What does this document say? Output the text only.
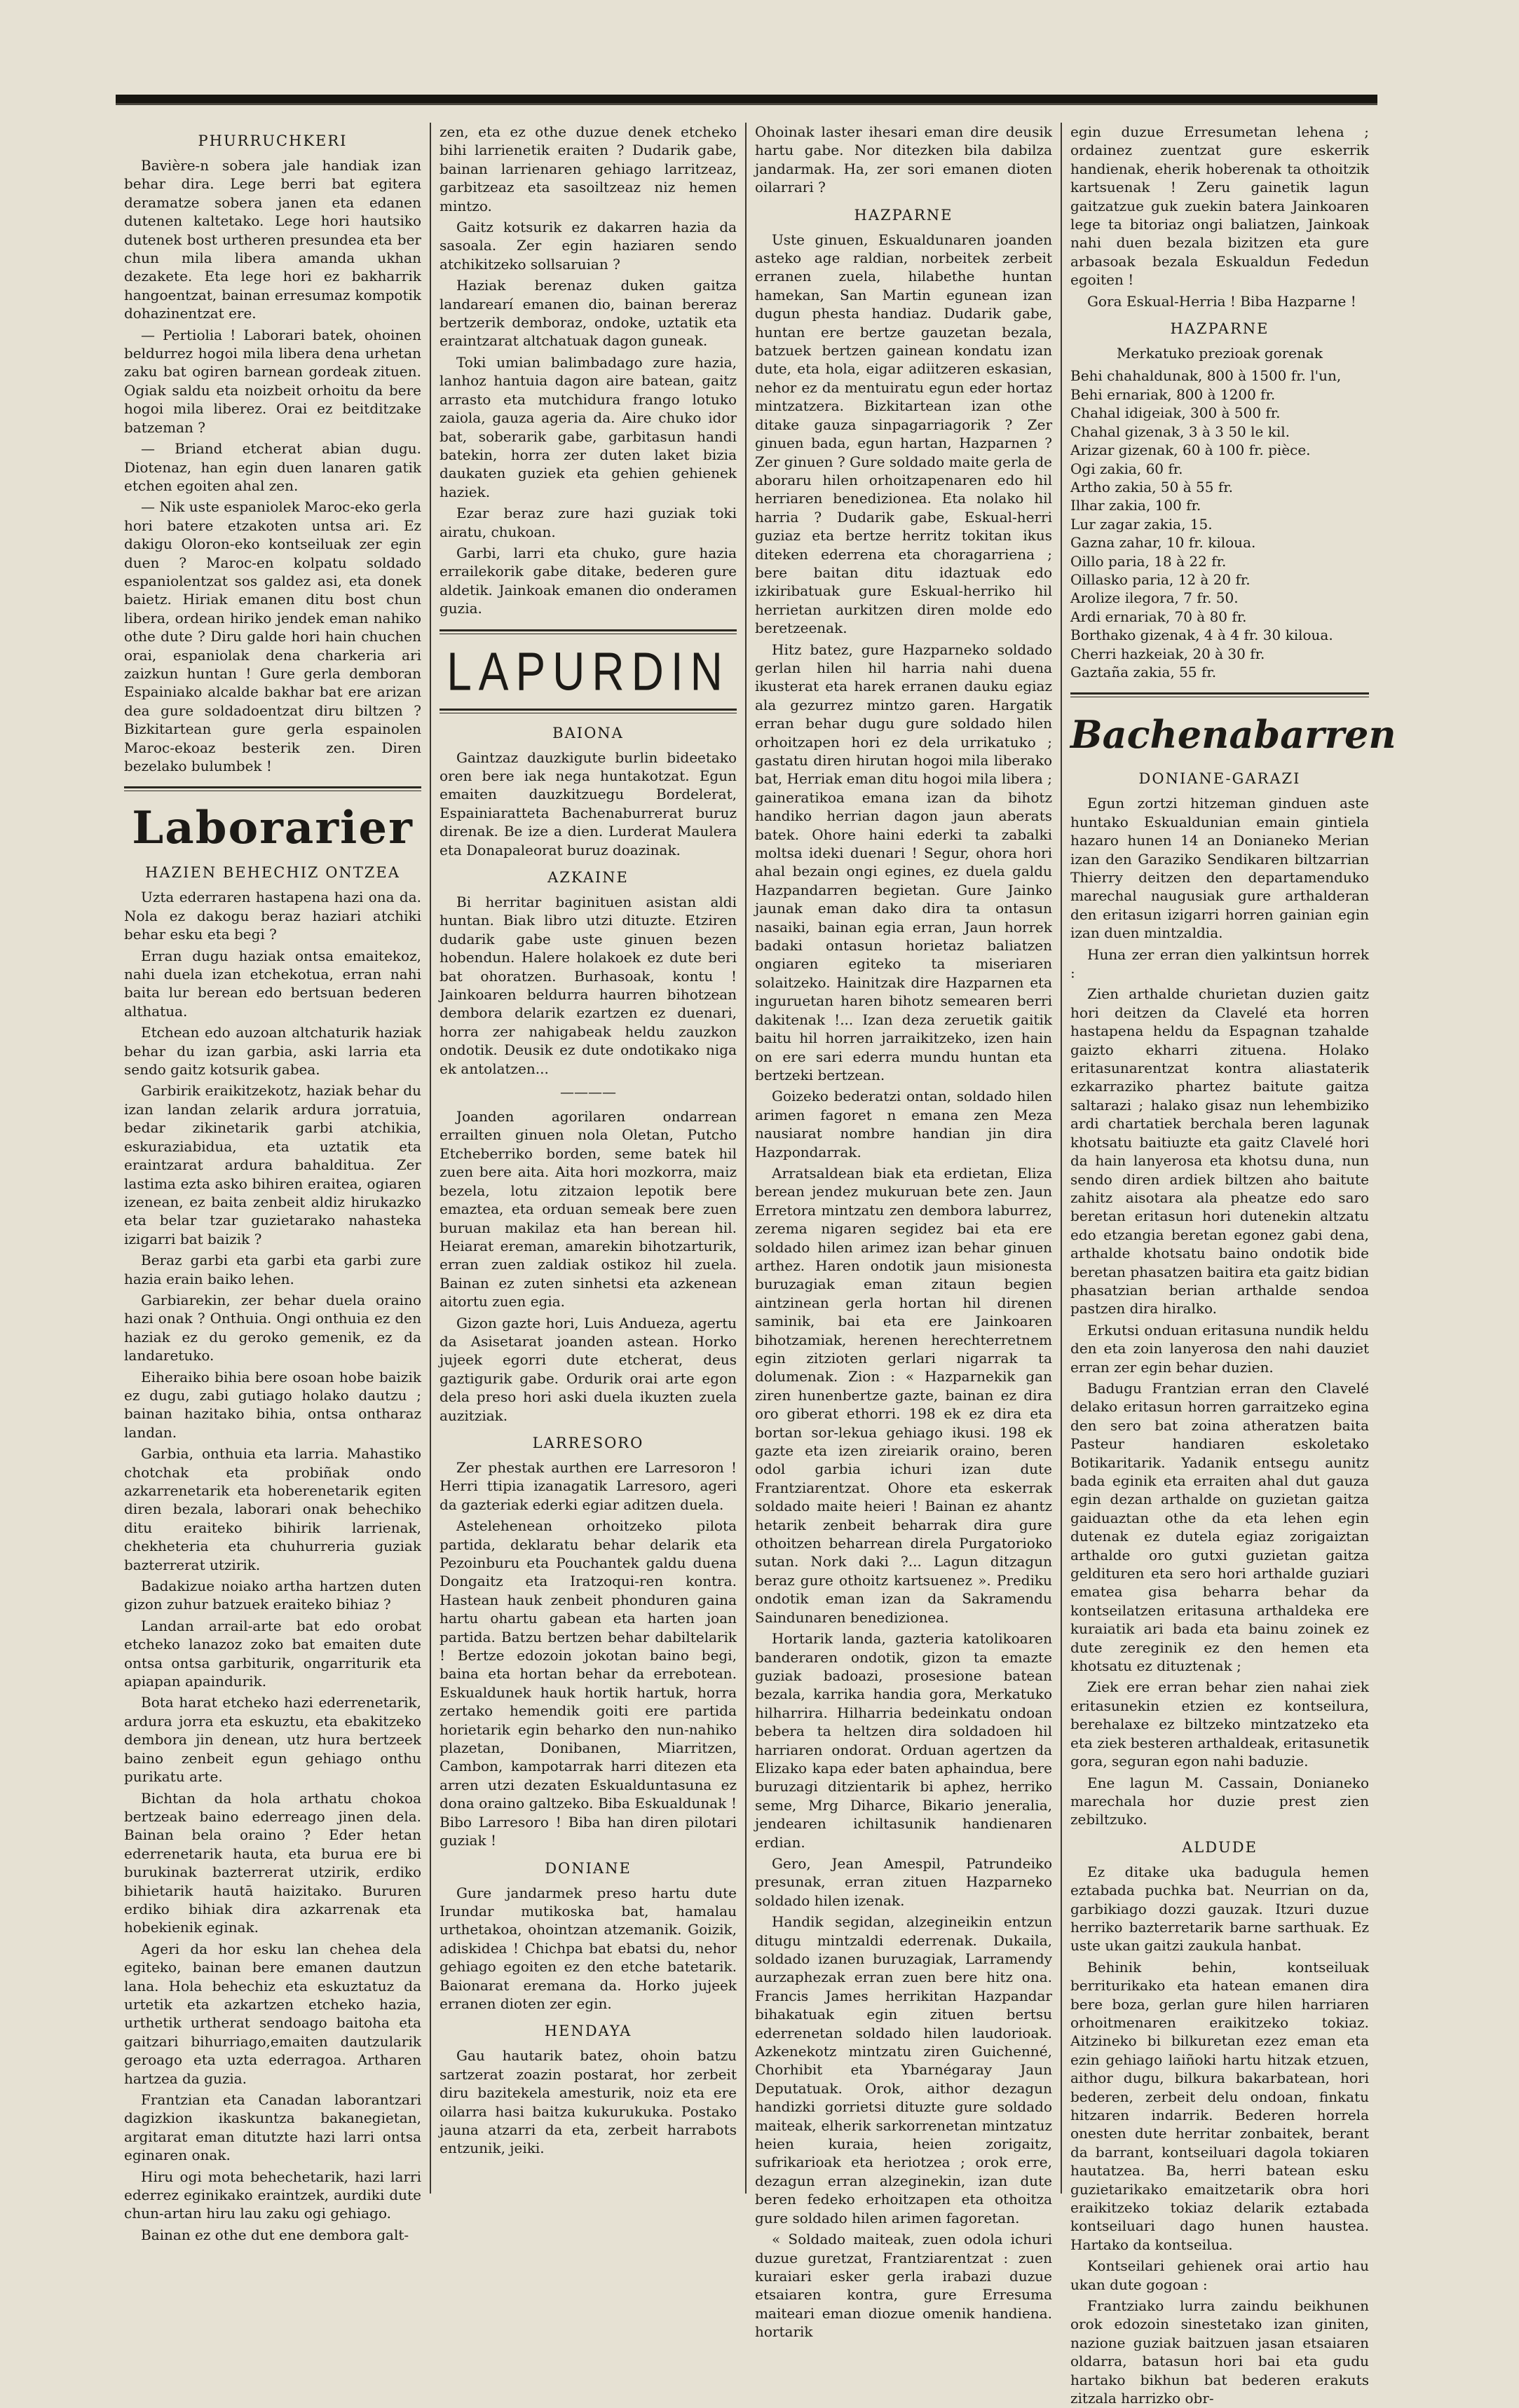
PHURRUCHKERI

Bavière-n sobera jale handiak izan behar dira. Lege berri bat egitera deramatze sobera janen eta edanen dutenen kaltetako. Lege hori hautsiko dutenek bost urtheren presundea eta ber chun mila libera amanda ukhan dezakete. Eta lege hori ez bakharrik hangoentzat, bainan erresumaz kompotik dohazinentzat ere.

— Pertiolia ! Laborari batek, ohoinen beldurrez hogoi mila libera dena urhetan zaku bat ogiren barnean gordeak zituen. Ogiak saldu eta noizbeit orhoitu da bere hogoi mila liberez. Orai ez beitditzake batzeman ?

— Briand etcherat abian dugu. Diotenaz, han egin duen lanaren gatik etchen egoiten ahal zen.

— Nik uste espaniolek Maroc-eko gerla hori batere etzakoten untsa ari. Ez dakigu Oloron-eko kontseiluak zer egin duen ? Maroc-en kolpatu soldado espaniolentzat sos galdez asi, eta donek baietz. Hiriak emanen ditu bost chun libera, ordean hiriko jendek eman nahiko othe dute ? Diru galde hori hain chuchen orai, espaniolak dena charkeria ari zaizkun huntan ! Gure gerla demboran Espainiako alcalde bakhar bat ere arizan dea gure soldadoentzat diru biltzen ? Bizkitartean gure gerla espainolen Maroc-ekoaz besterik zen. Diren bezelako bulumbek !

Laborarier
HAZIEN BEHECHIZ ONTZEA

Uzta ederraren hastapena hazi ona da. Nola ez dakogu beraz haziari atchiki behar esku eta begi ?

Erran dugu haziak ontsa emaitekoz, nahi duela izan etchekotua, erran nahi baita lur berean edo bertsuan bederen althatua.

Etchean edo auzoan altchaturik haziak behar du izan garbia, aski larria eta sendo gaitz kotsurik gabea.

Garbirik eraikitzekotz, haziak behar du izan landan zelarik ardura jorratuia, bedar zikinetarik garbi atchikia, eskuraziabidua, eta uztatik eta eraintzarat ardura bahalditua. Zer lastima ezta asko bihiren eraitea, ogiaren izenean, ez baita zenbeit aldiz hirukazko eta belar tzar guzietarako nahasteka izigarri bat baizik ?

Beraz garbi eta garbi eta garbi zure hazia erain baiko lehen.

Garbiarekin, zer behar duela oraino hazi onak ? Onthuia. Ongi onthuia ez den haziak ez du geroko gemenik, ez da landaretuko.

Eiheraiko bihia bere osoan hobe baizik ez dugu, zabi gutiago holako dautzu ; bainan hazitako bihia, ontsa ontharaz landan.

Garbia, onthuia eta larria. Mahastiko chotchak eta probiñak ondo azkarrenetarik eta hoberenetarik egiten diren bezala, laborari onak behechiko ditu eraiteko bihirik larrienak, chekheteria eta chuhurreria guziak bazterrerat utzirik.

Badakizue noiako artha hartzen duten gizon zuhur batzuek eraiteko bihiaz ?

Landan arrail-arte bat edo orobat etcheko lanazoz zoko bat emaiten dute ontsa ontsa garbiturik, ongarriturik eta apiapan apaindurik.

Bota harat etcheko hazi ederrenetarik, ardura jorra eta eskuztu, eta ebakitzeko dembora jin denean, utz hura bertzeek baino zenbeit egun gehiago onthu purikatu arte.

Bichtan da hola arthatu chokoa bertzeak baino ederreago jinen dela. Bainan bela oraino ? Eder hetan ederrenetarik hauta, eta burua ere bi burukinak bazterrerat utzirik, erdiko bihietarik hautā haizitako. Bururen erdiko bihiak dira azkarrenak eta hobekienik eginak.

Ageri da hor esku lan chehea dela egiteko, bainan bere emanen dautzun lana. Hola behechiz eta eskuztatuz da urtetik eta azkartzen etcheko hazia, urthetik urtherat sendoago baitoha eta gaitzari bihurriago,emaiten dautzularik geroago eta uzta ederragoa. Artharen hartzea da guzia.

Frantzian eta Canadan laborantzari dagizkion ikaskuntza bakanegietan, argitarat eman ditutzte hazi larri ontsa eginaren onak.

Hiru ogi mota behechetarik, hazi larri ederrez eginikako eraintzek, aurdiki dute chun-artan hiru lau zaku ogi gehiago.

Bainan ez othe dut ene dembora galt-

zen, eta ez othe duzue denek etcheko bihi larrienetik eraiten ? Dudarik gabe, bainan larrienaren gehiago larritzeaz, garbitzeaz eta sasoiltzeaz niz hemen mintzo.

Gaitz kotsurik ez dakarren hazia da sasoala. Zer egin haziaren sendo atchikitzeko sollsaruian ?

Haziak berenaz duken gaitza landarearí emanen dio, bainan bereraz bertzerik demboraz, ondoke, uztatik eta eraintzarat altchatuak dagon guneak.

Toki umian balimbadago zure hazia, lanhoz hantuia dagon aire batean, gaitz arrasto eta mutchidura frango lotuko zaiola, gauza ageria da. Aire chuko idor bat, soberarik gabe, garbitasun handi batekin, horra zer duten laket bizia daukaten guziek eta gehien gehienek haziek.

Ezar beraz zure hazi guziak toki airatu, chukoan.

Garbi, larri eta chuko, gure hazia errailekorik gabe ditake, bederen gure aldetik. Jainkoak emanen dio onderamen guzia.

LAPURDIN
BAIONA

Gaintzaz dauzkigute burlin bideetako oren bere iak nega huntakotzat. Egun emaiten dauzkitzuegu Bordelerat, Espainiaratteta Bachenaburrerat buruz direnak. Be ize a dien. Lurderat Maulera eta Donapaleorat buruz doazinak.

AZKAINE

Bi herritar baginituen asistan aldi huntan. Biak libro utzi dituzte. Etziren dudarik gabe uste ginuen bezen hobendun. Halere holakoek ez dute beri bat ohoratzen. Burhasoak, kontu ! Jainkoaren beldurra haurren bihotzean dembora delarik ezartzen ez duenari, horra zer nahigabeak heldu zauzkon ondotik. Deusik ez dute ondotikako niga ek antolatzen...

————

Joanden agorilaren ondarrean errailten ginuen nola Oletan, Putcho Etcheberriko borden, seme batek hil zuen bere aita. Aita hori mozkorra, maiz bezela, lotu zitzaion lepotik bere emaztea, eta orduan semeak bere zuen buruan makilaz eta han berean hil. Heiarat ereman, amarekin bihotzarturik, erran zuen zaldiak ostikoz hil zuela. Bainan ez zuten sinhetsi eta azkenean aitortu zuen egia.

Gizon gazte hori, Luis Andueza, agertu da Asisetarat joanden astean. Horko jujeek egorri dute etcherat, deus gaztigurik gabe. Ordurik orai arte egon dela preso hori aski duela ikuzten zuela auzitziak.

LARRESORO

Zer phestak aurthen ere Larresoron ! Herri ttipia izanagatik Larresoro, ageri da gazteriak ederki egiar aditzen duela.

Astelehenean orhoitzeko pilota partida, deklaratu behar delarik eta Pezoinburu eta Pouchantek galdu duena Dongaitz eta Iratzoqui-ren kontra. Hastean hauk zenbeit phonduren gaina hartu ohartu gabean eta harten joan partida. Batzu bertzen behar dabiltelarik ! Bertze edozoin jokotan baino begi, baina eta hortan behar da errebotean. Eskualdunek hauk hortik hartuk, horra zertako hemendik goiti ere partida horietarik egin beharko den nun-nahiko plazetan, Donibanen, Miarritzen, Cambon, kampotarrak harri ditezen eta arren utzi dezaten Eskualduntasuna ez dona oraino galtzeko. Biba Eskualdunak ! Bibo Larresoro ! Biba han diren pilotari guziak !

DONIANE

Gure jandarmek preso hartu dute Irundar mutikoska bat, hamalau urthetakoa, ohointzan atzemanik. Goizik, adiskidea ! Chichpa bat ebatsi du, nehor gehiago egoiten ez den etche batetarik. Baionarat eremana da. Horko jujeek erranen dioten zer egin.

HENDAYA

Gau hautarik batez, ohoin batzu sartzerat zoazin postarat, hor zerbeit diru bazitekela amesturik, noiz eta ere oilarra hasi baitza kukurukuka. Postako jauna atzarri da eta, zerbeit harrabots entzunik, jeiki.

Ohoinak laster ihesari eman dire deusik hartu gabe. Nor ditezken bila dabilza jandarmak. Ha, zer sori emanen dioten oilarrari ?

HAZPARNE

Uste ginuen, Eskualdunaren joanden asteko age raldian, norbeitek zerbeit erranen zuela, hilabethe huntan hamekan, San Martin egunean izan dugun phesta handiaz. Dudarik gabe, huntan ere bertze gauzetan bezala, batzuek bertzen gainean kondatu izan dute, eta hola, eigar adiitzeren eskasian, nehor ez da mentuiratu egun eder hortaz mintzatzera. Bizkitartean izan othe ditake gauza sinpagarriagorik ? Zer ginuen bada, egun hartan, Hazparnen ? Zer ginuen ? Gure soldado maite gerla de aboraru hilen orhoitzapenaren edo hil herriaren benedizionea. Eta nolako hil harria ? Dudarik gabe, Eskual-herri guziaz eta bertze herritz tokitan ikus diteken ederrena eta choragarriena ; bere baitan ditu idaztuak edo izkiribatuak gure Eskual-herriko hil herrietan aurkitzen diren molde edo beretzeenak.

Hitz batez, gure Hazparneko soldado gerlan hilen hil harria nahi duena ikusterat eta harek erranen dauku egiaz ala gezurrez mintzo garen. Hargatik erran behar dugu gure soldado hilen orhoitzapen hori ez dela urrikatuko ; gastatu diren hirutan hogoi mila liberako bat, Herriak eman ditu hogoi mila libera ; gaineratikoa emana izan da bihotz handiko herrian dagon jaun aberats batek. Ohore haini ederki ta zabalki moltsa ideki duenari ! Segur, ohora hori ahal bezain ongi egines, ez duela galdu Hazpandarren begietan. Gure Jainko jaunak eman dako dira ta ontasun nasaiki, bainan egia erran, Jaun horrek badaki ontasun horietaz baliatzen ongiaren egiteko ta miseriaren solaitzeko. Hainitzak dire Hazparnen eta inguruetan haren bihotz semearen berri dakitenak !... Izan deza zeruetik gaitik baitu hil horren jarraikitzeko, izen hain on ere sari ederra mundu huntan eta bertzeki bertzean.

Goizeko bederatzi ontan, soldado hilen arimen fagoret n emana zen Meza nausiarat nombre handian jin dira Hazpondarrak.

Arratsaldean biak eta erdietan, Eliza berean jendez mukuruan bete zen. Jaun Erretora mintzatu zen dembora laburrez, zerema nigaren segidez bai eta ere soldado hilen arimez izan behar ginuen arthez. Haren ondotik jaun misionesta buruzagiak eman zitaun begien aintzinean gerla hortan hil direnen saminik, bai eta ere Jainkoaren bihotzamiak, herenen herechterretnem egin zitzioten gerlari nigarrak ta dolumenak. Zion : « Hazparnekik gan ziren hunenbertze gazte, bainan ez dira oro giberat ethorri. 198 ek ez dira eta bortan sor-lekua gehiago ikusi. 198 ek gazte eta izen zireiarik oraino, beren odol garbia ichuri izan dute Frantziarentzat. Ohore eta eskerrak soldado maite heieri ! Bainan ez ahantz hetarik zenbeit beharrak dira gure othoitzen beharrean direla Purgatorioko sutan. Nork daki ?... Lagun ditzagun beraz gure othoitz kartsuenez ». Prediku ondotik eman izan da Sakramendu Saindunaren benedizionea.

Hortarik landa, gazteria katolikoaren banderaren ondotik, gizon ta emazte guziak badoazi, prosesione batean bezala, karrika handia gora, Merkatuko hilharrira. Hilharria bedeinkatu ondoan bebera ta heltzen dira soldadoen hil harriaren ondorat. Orduan agertzen da Elizako kapa eder baten aphaindua, bere buruzagi ditzientarik bi aphez, herriko seme, Mrg Diharce, Bikario jeneralia, jendearen ichiltasunik handienaren erdian.

Gero, Jean Amespil, Patrundeiko presunak, erran zituen Hazparneko soldado hilen izenak.

Handik segidan, alzegineikin entzun ditugu mintzaldi ederrenak. Dukaila, soldado izanen buruzagiak, Larramendy aurzaphezak erran zuen bere hitz ona. Francis James herrikitan Hazpandar bihakatuak egin zituen bertsu ederrenetan soldado hilen laudorioak. Azkenekotz mintzatu ziren Guichenné, Chorhibit eta Ybarnégaray Jaun Deputatuak. Orok, aithor dezagun handizki gorrietsi dituzte gure soldado maiteak, elherik sarkorrenetan mintzatuz heien kuraia, heien zorigaitz, sufrikarioak eta heriotzea ; orok erre, dezagun erran alzeginekin, izan dute beren fedeko erhoitzapen eta othoitza gure soldado hilen arimen fagoretan.

« Soldado maiteak, zuen odola ichuri duzue guretzat, Frantziarentzat : zuen kuraiari esker gerla irabazi duzue etsaiaren kontra, gure Erresuma maiteari eman diozue omenik handiena. hortarik

egin duzue Erresumetan lehena ; ordainez zuentzat gure eskerrik handienak, eherik hoberenak ta othoitzik kartsuenak ! Zeru gainetik lagun gaitzatzue guk zuekin batera Jainkoaren lege ta bitoriaz ongi baliatzen, Jainkoak nahi duen bezala bizitzen eta gure arbasoak bezala Eskualdun Fededun egoiten !

Gora Eskual-Herria ! Biba Hazparne !

HAZPARNE

Merkatuko prezioak gorenak

Behi chahaldunak, 800 à 1500 fr. l'un,

Behi ernariak, 800 à 1200 fr.

Chahal idigeiak, 300 à 500 fr.

Chahal gizenak, 3 à 3 50 le kil.

Arizar gizenak, 60 à 100 fr. pièce.

Ogi zakia, 60 fr.

Artho zakia, 50 à 55 fr.

Ilhar zakia, 100 fr.

Lur zagar zakia, 15.

Gazna zahar, 10 fr. kiloua.

Oillo paria, 18 à 22 fr.

Oillasko paria, 12 à 20 fr.

Arolize ilegora, 7 fr. 50.

Ardi ernariak, 70 à 80 fr.

Borthako gizenak, 4 à 4 fr. 30 kiloua.

Cherri hazkeiak, 20 à 30 fr.

Gaztaña zakia, 55 fr.

Bachenabarren
DONIANE-GARAZI

Egun zortzi hitzeman ginduen aste huntako Eskualdunian emain gintiela hazaro hunen 14 an Donianeko Merian izan den Garaziko Sendikaren biltzarrian Thierry deitzen den departamenduko marechal naugusiak gure arthalderan den eritasun izigarri horren gainian egin izan duen mintzaldia.

Huna zer erran dien yalkintsun horrek :

Zien arthalde churietan duzien gaitz hori deitzen da Clavelé eta horren hastapena heldu da Espagnan tzahalde gaizto ekharri zituena. Holako eritasunarentzat kontra aliastaterik ezkarraziko phartez baitute gaitza saltarazi ; halako gisaz nun lehembiziko ardi chartatiek berchala beren lagunak khotsatu baitiuzte eta gaitz Clavelé hori da hain lanyerosa eta khotsu duna, nun sendo diren ardiek biltzen aho baitute zahitz aisotara ala pheatze edo saro beretan eritasun hori dutenekin altzatu edo etzangia beretan egonez gabi dena, arthalde khotsatu baino ondotik bide beretan phasatzen baitira eta gaitz bidian phasatzian berian arthalde sendoa pastzen dira hiralko.

Erkutsi onduan eritasuna nundik heldu den eta zoin lanyerosa den nahi dauziet erran zer egin behar duzien.

Badugu Frantzian erran den Clavelé delako eritasun horren garraitzeko egina den sero bat zoina atheratzen baita Pasteur handiaren eskoletako Botikaritarik. Yadanik entsegu aunitz bada eginik eta erraiten ahal dut gauza egin dezan arthalde on guzietan gaitza gaiduaztan othe da eta lehen egin dutenak ez dutela egiaz zorigaiztan arthalde oro gutxi guzietan gaitza geldituren eta sero hori arthalde guziari ematea gisa beharra behar da kontseilatzen eritasuna arthaldeka ere kuraiatik ari bada eta bainu zoinek ez dute zereginik ez den hemen eta khotsatu ez dituztenak ;

Ziek ere erran behar zien nahai ziek eritasunekin etzien ez kontseilura, berehalaxe ez biltzeko mintzatzeko eta eta ziek besteren arthaldeak, eritasunetik gora, seguran egon nahi baduzie.

Ene lagun M. Cassain, Donianeko marechala hor duzie prest zien zebiltzuko.

ALDUDE

Ez ditake uka badugula hemen eztabada puchka bat. Neurrian on da, garbikiago dozzi gauzak. Itzuri duzue herriko bazterretarik barne sarthuak. Ez uste ukan gaitzi zaukula hanbat.

Behinik behin, kontseiluak berriturikako eta hatean emanen dira bere boza, gerlan gure hilen harriaren orhoitmenaren eraikitzeko tokiaz. Aitzineko bi bilkuretan ezez eman eta ezin gehiago laiñoki hartu hitzak etzuen, aithor dugu, bilkura bakarbatean, hori bederen, zerbeit delu ondoan, finkatu hitzaren indarrik. Bederen horrela onesten dute herritar zonbaitek, berant da barrant, kontseiluari dagola tokiaren hautatzea. Ba, herri batean esku guzietarikako emaitzetarik obra hori eraikitzeko tokiaz delarik eztabada kontseiluari dago hunen haustea. Hartako da kontseilua.

Kontseilari gehienek orai artio hau ukan dute gogoan :

Frantziako lurra zaindu beikhunen orok edozoin sinestetako izan giniten, nazione guziak baitzuen jasan etsaiaren oldarra, batasun hori bai eta gudu hartako bikhun bat bederen erakuts zitzala harrizko obr-
